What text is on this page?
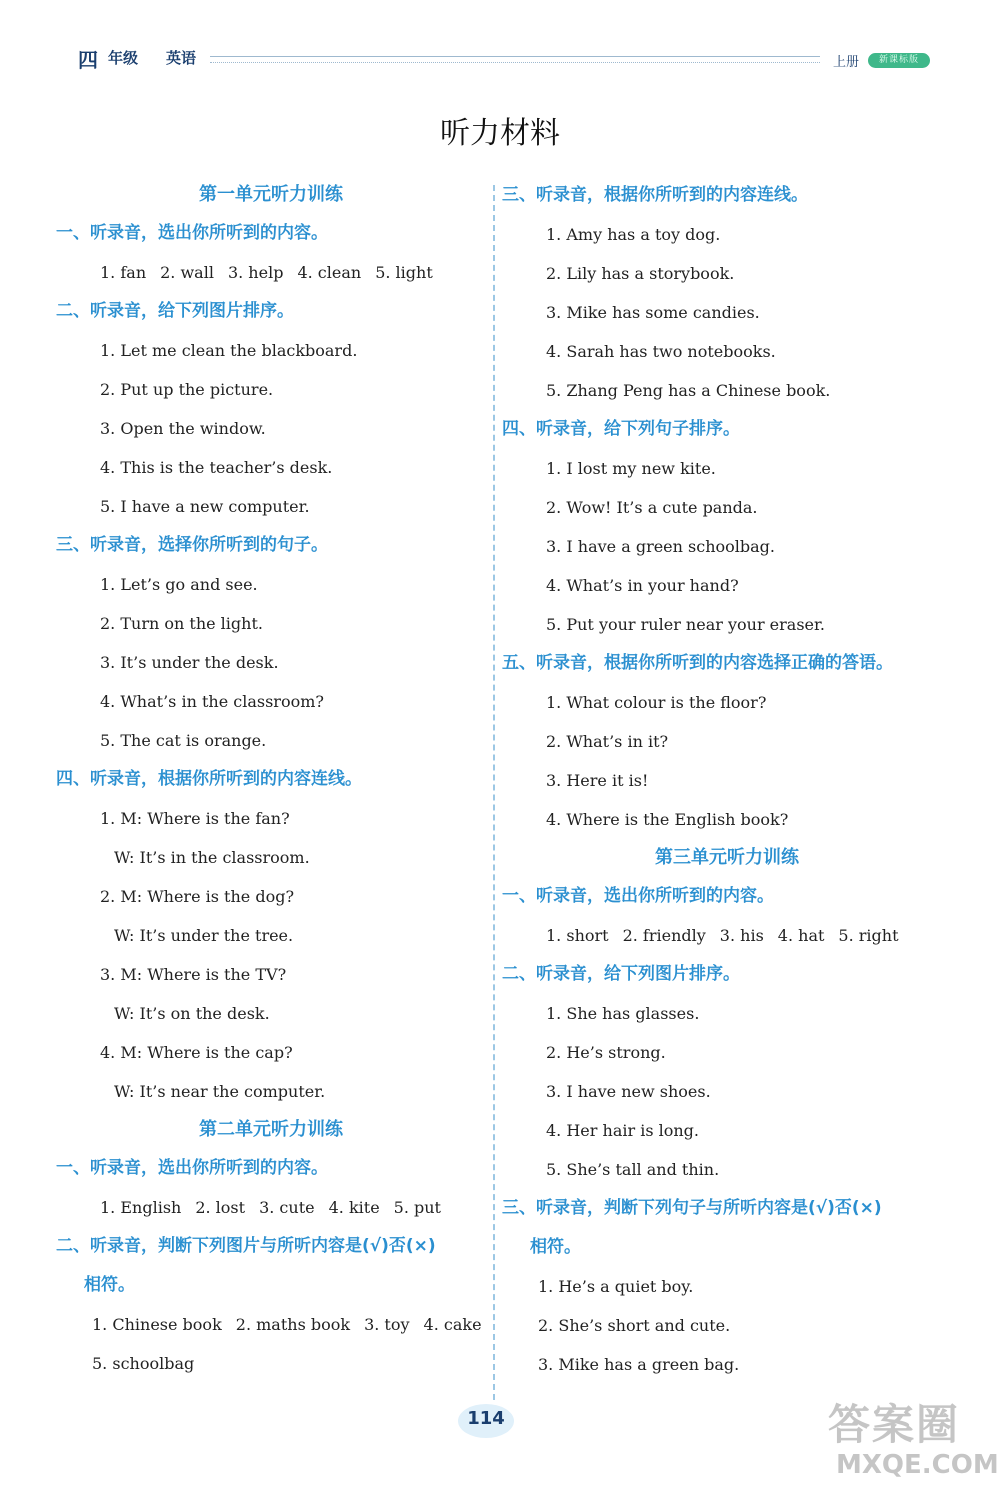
四 年级 英语	上册	新课标版
听力材料
第一单元听力训练
一、听录音，选出你所听到的内容。
1. fan 2. wall 3. help 4. clean 5. light
二、听录音，给下列图片排序。
1. Let me clean the blackboard.
2. Put up the picture.
3. Open the window.
4. This is the teacher’s desk.
5. I have a new computer.
三、听录音，选择你所听到的句子。
1. Let’s go and see.
2. Turn on the light.
3. It’s under the desk.
4. What’s in the classroom?
5. The cat is orange.
四、听录音，根据你所听到的内容连线。
1. M: Where is the fan?
W: It’s in the classroom.
2. M: Where is the dog?
W: It’s under the tree.
3. M: Where is the TV?
W: It’s on the desk.
4. M: Where is the cap?
W: It’s near the computer.
第二单元听力训练
一、听录音，选出你所听到的内容。
1. English 2. lost 3. cute 4. kite 5. put
二、听录音，判断下列图片与所听内容是(√)否(×)
相符。
1. Chinese book 2. maths book 3. toy 4. cake
5. schoolbag
三、听录音，根据你所听到的内容连线。
1. Amy has a toy dog.
2. Lily has a storybook.
3. Mike has some candies.
4. Sarah has two notebooks.
5. Zhang Peng has a Chinese book.
四、听录音，给下列句子排序。
1. I lost my new kite.
2. Wow! It’s a cute panda.
3. I have a green schoolbag.
4. What’s in your hand?
5. Put your ruler near your eraser.
五、听录音，根据你所听到的内容选择正确的答语。
1. What colour is the floor?
2. What’s in it?
3. Here it is!
4. Where is the English book?
第三单元听力训练
一、听录音，选出你所听到的内容。
1. short 2. friendly 3. his 4. hat 5. right
二、听录音，给下列图片排序。
1. She has glasses.
2. He’s strong.
3. I have new shoes.
4. Her hair is long.
5. She’s tall and thin.
三、听录音，判断下列句子与所听内容是(√)否(×)
相符。
1. He’s a quiet boy.
2. She’s short and cute.
3. Mike has a green bag.
114	答案圈
MXQE.COM
